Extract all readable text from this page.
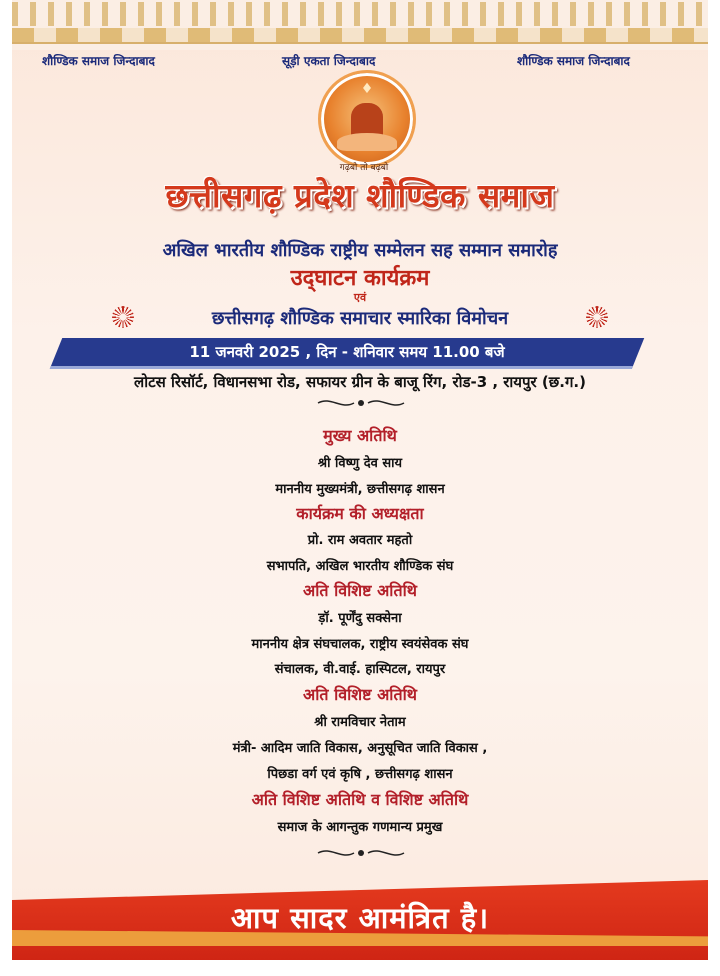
शौण्डिक समाज जिन्दाबाद	सूड़ी एकता जिन्दाबाद	शौण्डिक समाज जिन्दाबाद
♦
गढ़बो तो बढ़बो
छत्तीसगढ़ प्रदेश शौण्डिक समाज
अखिल भारतीय शौण्डिक राष्ट्रीय सम्मेलन सह सम्मान समारोह
उद्‌घाटन कार्यक्रम
एवं
छत्तीसगढ़ शौण्डिक समाचार स्मारिका विमोचन
11 जनवरी 2025 , दिन - शनिवार समय 11.00 बजे
लोटस रिसॉर्ट, विधानसभा रोड, सफायर ग्रीन के बाजू रिंग, रोड-3 , रायपुर (छ.ग.)
मुख्य अतिथि
श्री विष्णु देव साय
माननीय मुख्यमंत्री, छत्तीसगढ़ शासन
कार्यक्रम की अध्यक्षता
प्रो. राम अवतार महतो
सभापति, अखिल भारतीय शौण्डिक संघ
अति विशिष्ट अतिथि
ड़ॉ. पूर्णेंदु सक्सेना
माननीय क्षेत्र संघचालक, राष्ट्रीय स्वयंसेवक संघ
संचालक, वी.वाई. हास्पिटल, रायपुर
अति विशिष्ट अतिथि
श्री रामविचार नेताम
मंत्री- आदिम जाति विकास, अनुसूचित जाति विकास ,
पिछडा वर्ग एवं कृषि , छत्तीसगढ़ शासन
अति विशिष्ट अतिथि व विशिष्ट अतिथि
समाज के आगन्तुक गणमान्य प्रमुख
आप सादर आमंत्रित है।
